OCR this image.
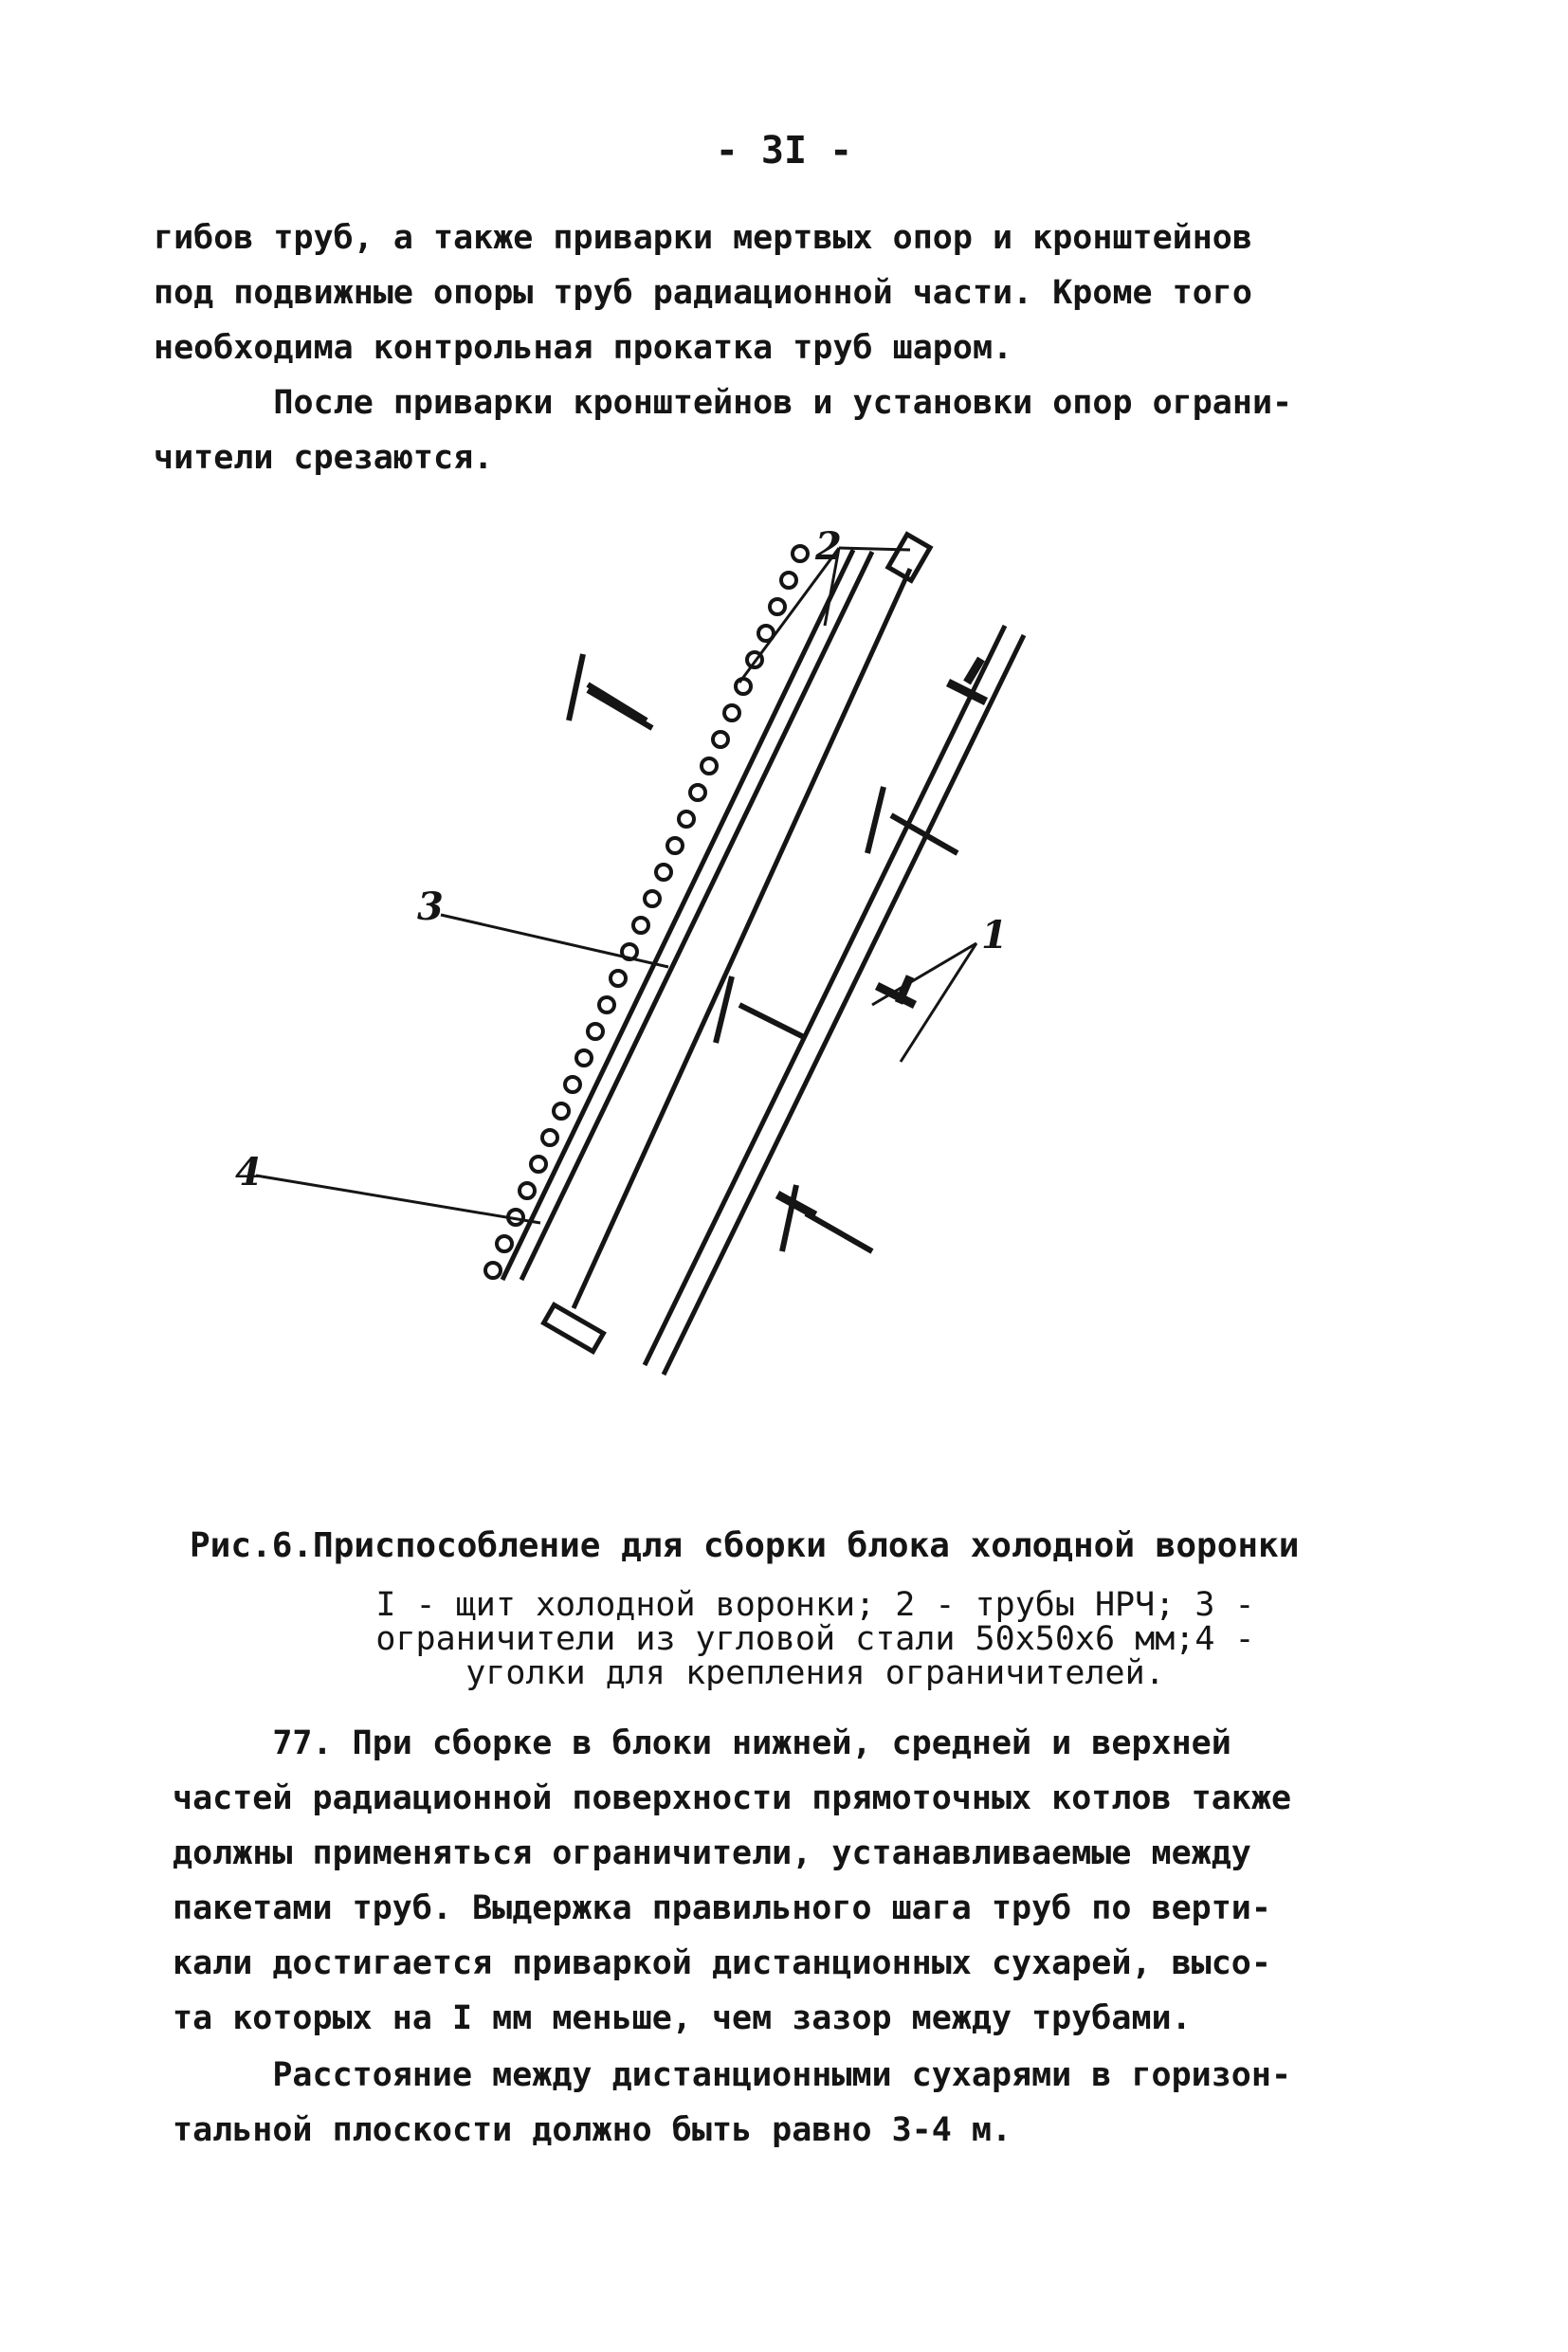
- 3I -
гибов труб, а также приварки мертвых опор и кронштейнов
под подвижные опоры труб радиационной части. Кроме того
необходима контрольная прокатка труб шаром.
После приварки кронштейнов и установки опор ограни-
чители срезаются.
2
3
1
4
Рис.6.Приспособление для сборки блока холодной воронки
I - щит холодной воронки; 2 - трубы НРЧ; 3 -
ограничители из угловой стали 50х50х6 мм;4 -
уголки для крепления ограничителей.
77. При сборке в блоки нижней, средней и верхней
частей радиационной поверхности прямоточных котлов также
должны применяться ограничители, устанавливаемые между
пакетами труб. Выдержка правильного шага труб по верти-
кали достигается приваркой дистанционных сухарей, высо-
та которых на I мм меньше, чем зазор между трубами.
Расстояние между дистанционными сухарями в горизон-
тальной плоскости должно быть равно 3-4 м.
